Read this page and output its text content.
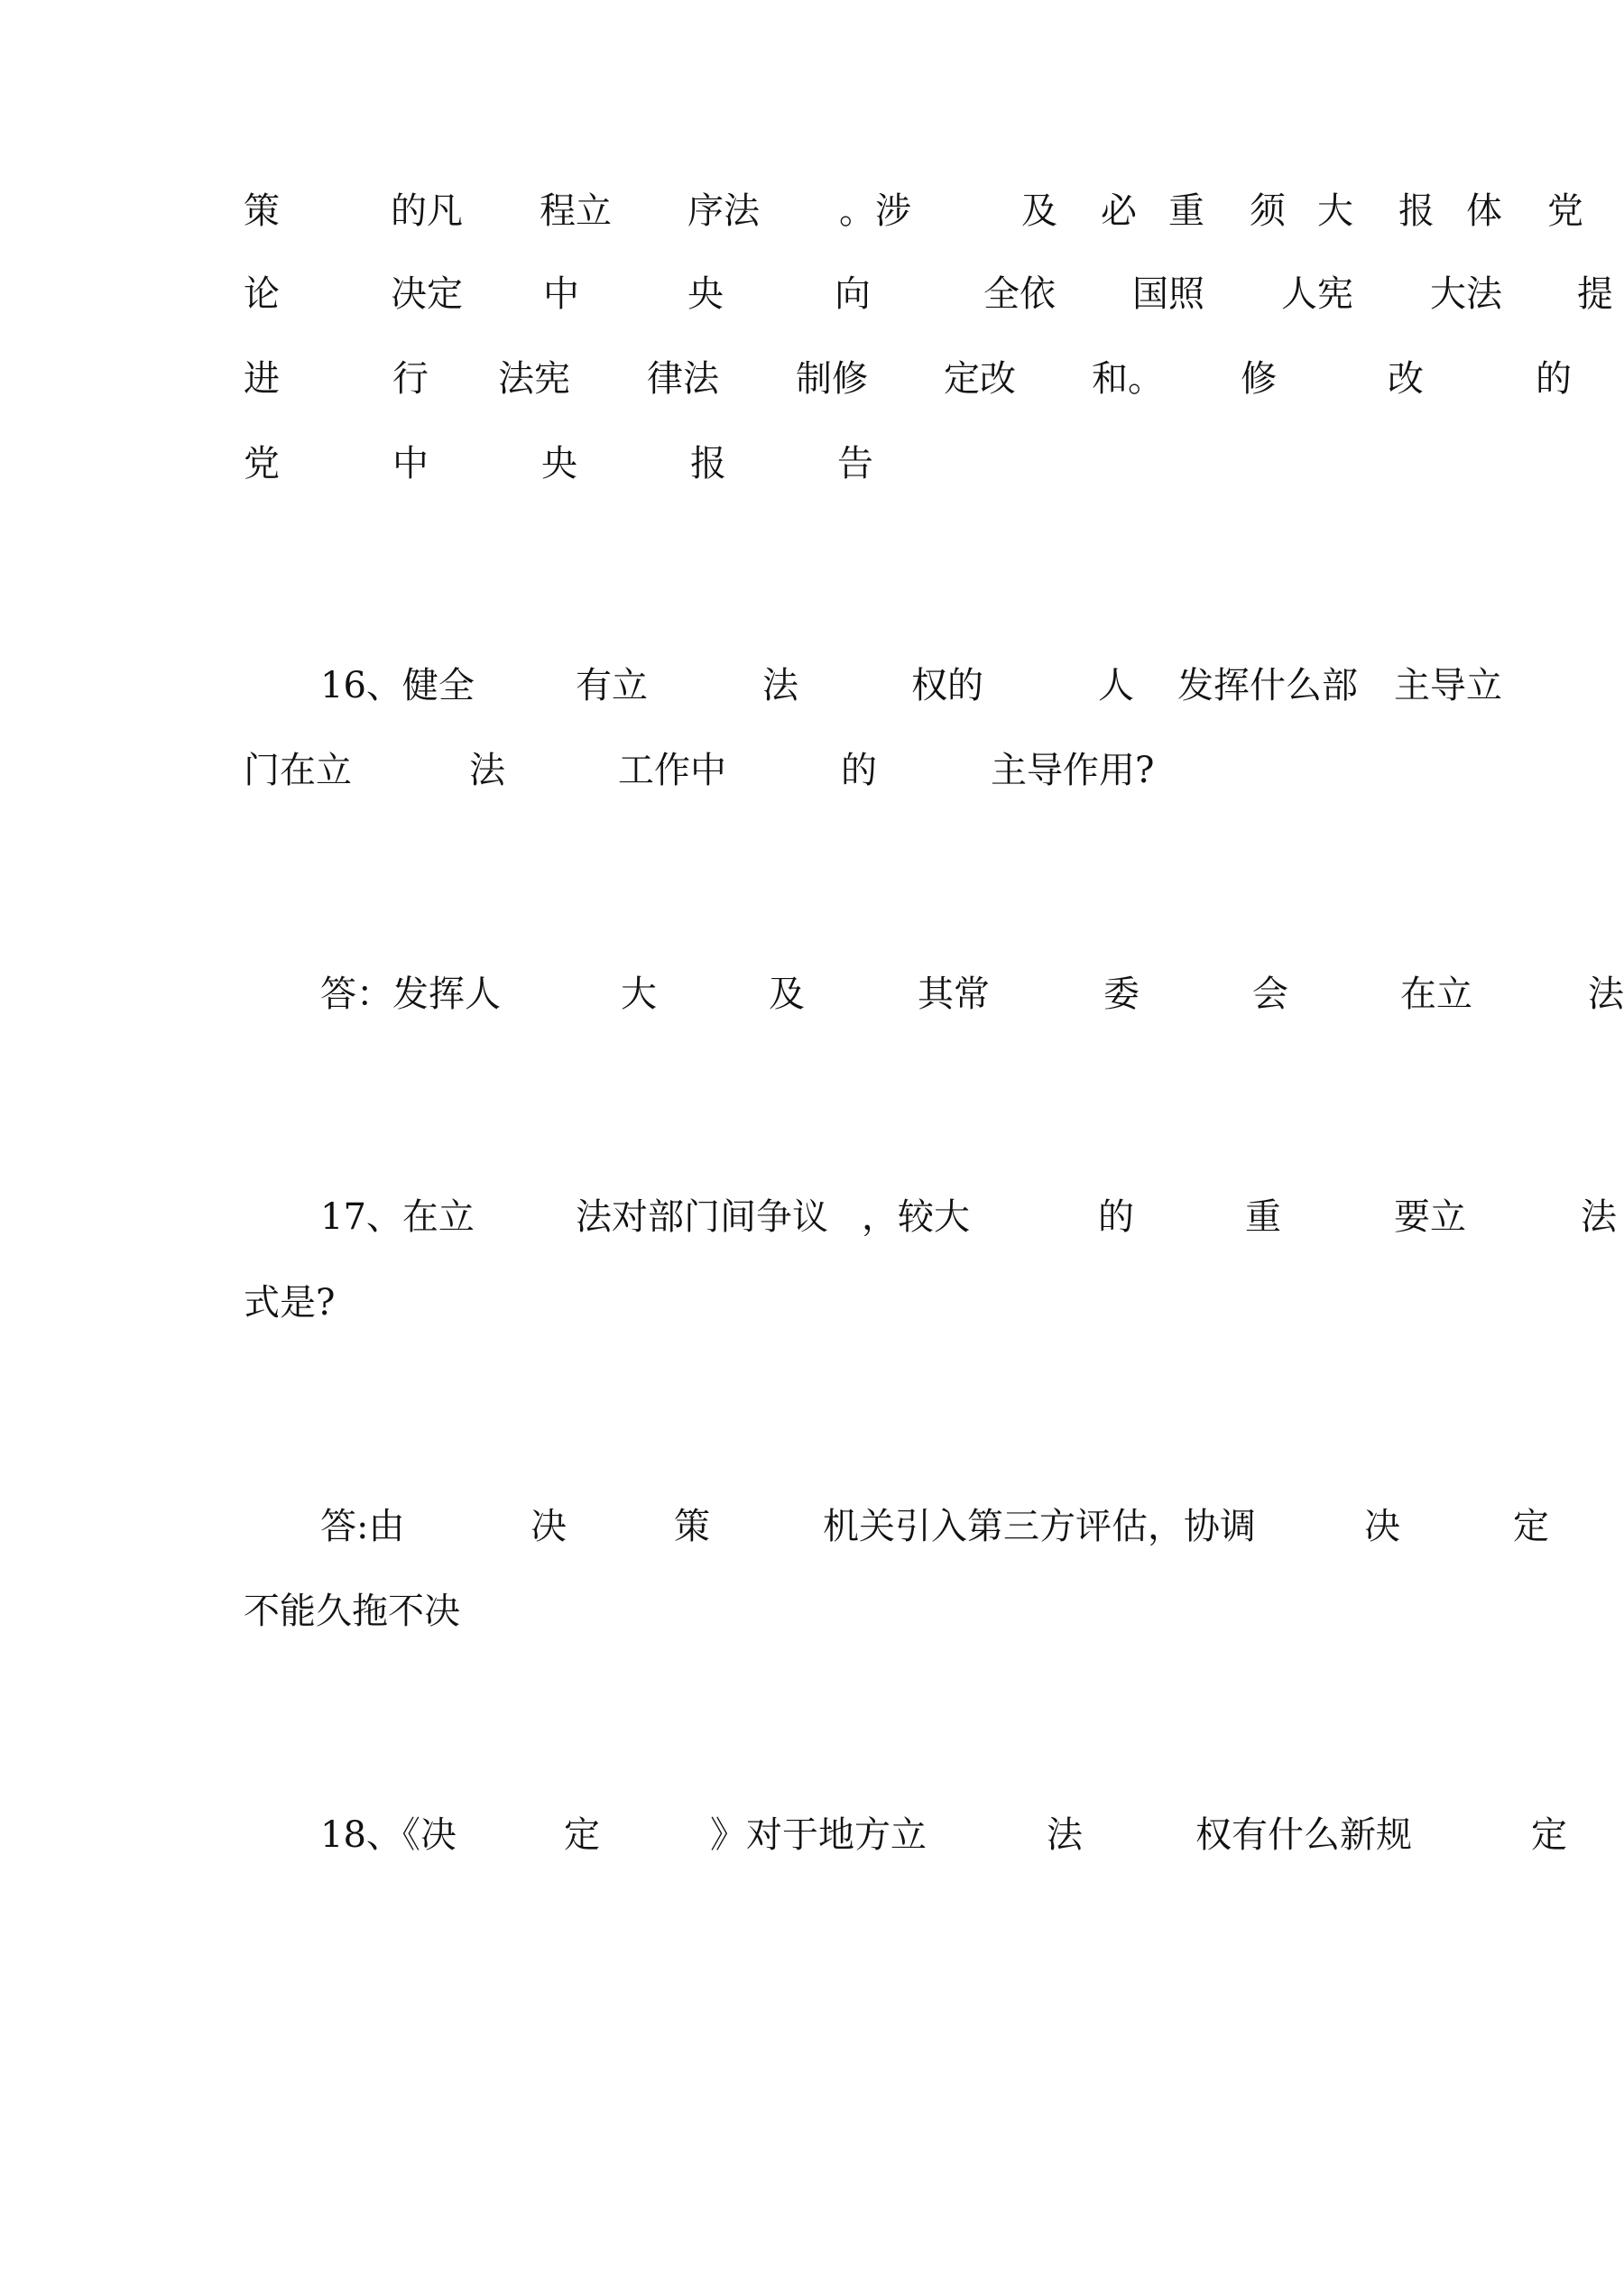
策	的凡 程立 序法 。涉	及 必 重 须 大 报 体 党
论	决定 中	央	向	全依 国照 人宪 大法 提
进	行 法宪 律法 制修 定改 和。 修	改	的
党	中	央	报	告
16、健全	有立	法	权的	人 发挥什么部 主导立
门在立	法	工作中	的	主导作用?
答：发挥人	大	及	其常	委	会	在立	法
17、在立	法对部门间争议 ，较大	的	重	要立	法
式是?
答:由	决	策	机关引入第三方评估，协调	决	定
不能久拖不决
18、《决	定	》对于地方立	法	权有什么新规	定
